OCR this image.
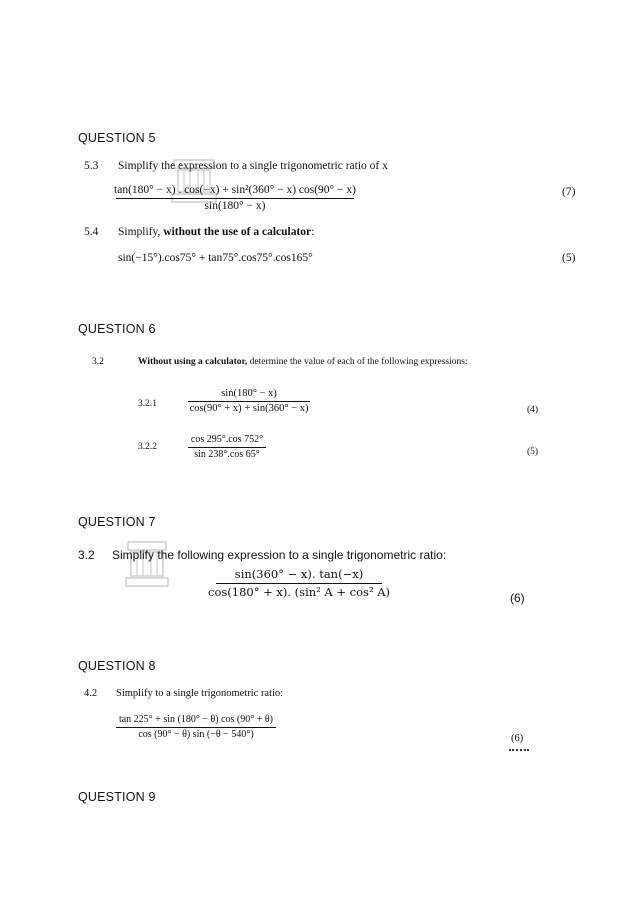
QUESTION 5
5.3 Simplify the expression to a single trigonometric ratio of x
tan(180° − x) . cos(−x) + sin²(360° − x) cos(90° − x)
sin(180° − x)
(7)
5.4 Simplify, without the use of a calculator:
sin(−15°).cos75° + tan75°.cos75°.cos165°	(5)
QUESTION 6
3.2	Without using a calculator, determine the value of each of the following expressions:
3.2.1
sin(180° − x)
cos(90° + x) + sin(360° − x)	(4)
3.2.2
cos 295°.cos 752°
sin 238°.cos 65°	(5)
QUESTION 7
3.2 Simplify the following expression to a single trigonometric ratio:
sin(360° − x). tan(−x)
cos(180° + x). (sin² A + cos² A)	(6)
QUESTION 8
4.2 Simplify to a single trigonometric ratio:
tan 225° + sin (180° − θ) cos (90° + θ)
cos (90° − θ) sin (−θ − 540°)	(6)
QUESTION 9
